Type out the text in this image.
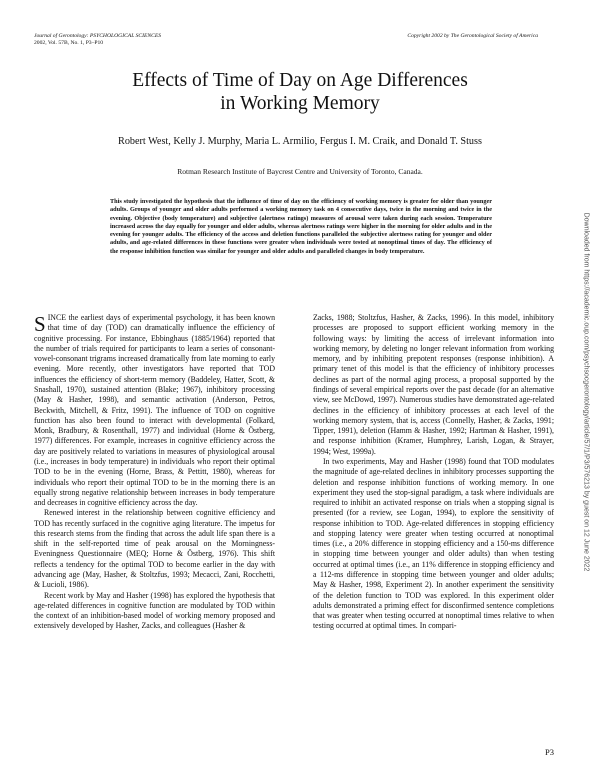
Journal of Gerontology: PSYCHOLOGICAL SCIENCES
2002, Vol. 57B, No. 1, P3–P10
Copyright 2002 by The Gerontological Society of America
Effects of Time of Day on Age Differences
in Working Memory
Robert West, Kelly J. Murphy, Maria L. Armilio, Fergus I. M. Craik, and Donald T. Stuss
Rotman Research Institute of Baycrest Centre and University of Toronto, Canada.
This study investigated the hypothesis that the influence of time of day on the efficiency of working memory is greater for older than younger adults. Groups of younger and older adults performed a working memory task on 4 consecutive days, twice in the morning and twice in the evening. Objective (body temperature) and subjective (alertness ratings) measures of arousal were taken during each session. Temperature increased across the day equally for younger and older adults, whereas alertness ratings were higher in the morning for older adults and in the evening for younger adults. The efficiency of the access and deletion functions paralleled the subjective alertness rating for younger and older adults, and age-related differences in these functions were greater when individuals were tested at nonoptimal times of day. The efficiency of the response inhibition function was similar for younger and older adults and paralleled changes in body temperature.

SINCE the earliest days of experimental psychology, it has been known that time of day (TOD) can dramatically influence the efficiency of cognitive processing. For instance, Ebbinghaus (1885/1964) reported that the number of trials required for participants to learn a series of consonant-vowel-consonant trigrams increased dramatically from late morning to early evening. More recently, other investigators have reported that TOD influences the efficiency of short-term memory (Baddeley, Hatter, Scott, & Snashall, 1970), sustained attention (Blake; 1967), inhibitory processing (May & Hasher, 1998), and semantic activation (Anderson, Petros, Beckwith, Mitchell, & Fritz, 1991). The influence of TOD on cognitive function has also been found to interact with developmental (Folkard, Monk, Bradbury, & Rosenthall, 1977) and individual (Horne & Östberg, 1977) differences. For example, increases in cognitive efficiency across the day are positively related to variations in measures of physiological arousal (i.e., increases in body temperature) in individuals who report their optimal TOD to be in the evening (Horne, Brass, & Pettitt, 1980), whereas for individuals who report their optimal TOD to be in the morning there is an equally strong negative relationship between increases in body temperature and decreases in cognitive efficiency across the day.

Renewed interest in the relationship between cognitive efficiency and TOD has recently surfaced in the cognitive aging literature. The impetus for this research stems from the finding that across the adult life span there is a shift in the self-reported time of peak arousal on the Morningness-Eveningness Questionnaire (MEQ; Horne & Östberg, 1976). This shift reflects a tendency for the optimal TOD to become earlier in the day with advancing age (May, Hasher, & Stoltzfus, 1993; Mecacci, Zani, Rocchetti, & Lucioli, 1986).

Recent work by May and Hasher (1998) has explored the hypothesis that age-related differences in cognitive function are modulated by TOD within the context of an inhibition-based model of working memory proposed and extensively developed by Hasher, Zacks, and colleagues (Hasher &

Zacks, 1988; Stoltzfus, Hasher, & Zacks, 1996). In this model, inhibitory processes are proposed to support efficient working memory in the following ways: by limiting the access of irrelevant information into working memory, by deleting no longer relevant information from working memory, and by inhibiting prepotent responses (response inhibition). A primary tenet of this model is that the efficiency of inhibitory processes declines as part of the normal aging process, a proposal supported by the findings of several empirical reports over the past decade (for an alternative view, see McDowd, 1997). Numerous studies have demonstrated age-related declines in the efficiency of inhibitory processes at each level of the working memory system, that is, access (Connelly, Hasher, & Zacks, 1991; Tipper, 1991), deletion (Hamm & Hasher, 1992; Hartman & Hasher, 1991), and response inhibition (Kramer, Humphrey, Larish, Logan, & Strayer, 1994; West, 1999a).

In two experiments, May and Hasher (1998) found that TOD modulates the magnitude of age-related declines in inhibitory processes supporting the deletion and response inhibition functions of working memory. In one experiment they used the stop-signal paradigm, a task where individuals are required to inhibit an activated response on trials when a stopping signal is presented (for a review, see Logan, 1994), to explore the sensitivity of response inhibition to TOD. Age-related differences in stopping efficiency and stopping latency were greater when testing occurred at nonoptimal times (i.e., a 20% difference in stopping efficiency and a 150-ms difference in stopping time between younger and older adults) than when testing occurred at optimal times (i.e., an 11% difference in stopping efficiency and a 112-ms difference in stopping time between younger and older adults; May & Hasher, 1998, Experiment 2). In another experiment the sensitivity of the deletion function to TOD was explored. In this experiment older adults demonstrated a priming effect for disconfirmed sentence completions that was greater when testing occurred at nonoptimal times relative to when testing occurred at optimal times. In compari-

Downloaded from https://academic.oup.com/psychsocgerontology/article/57/1/P3/576213 by guest on 12 June 2022
P3
